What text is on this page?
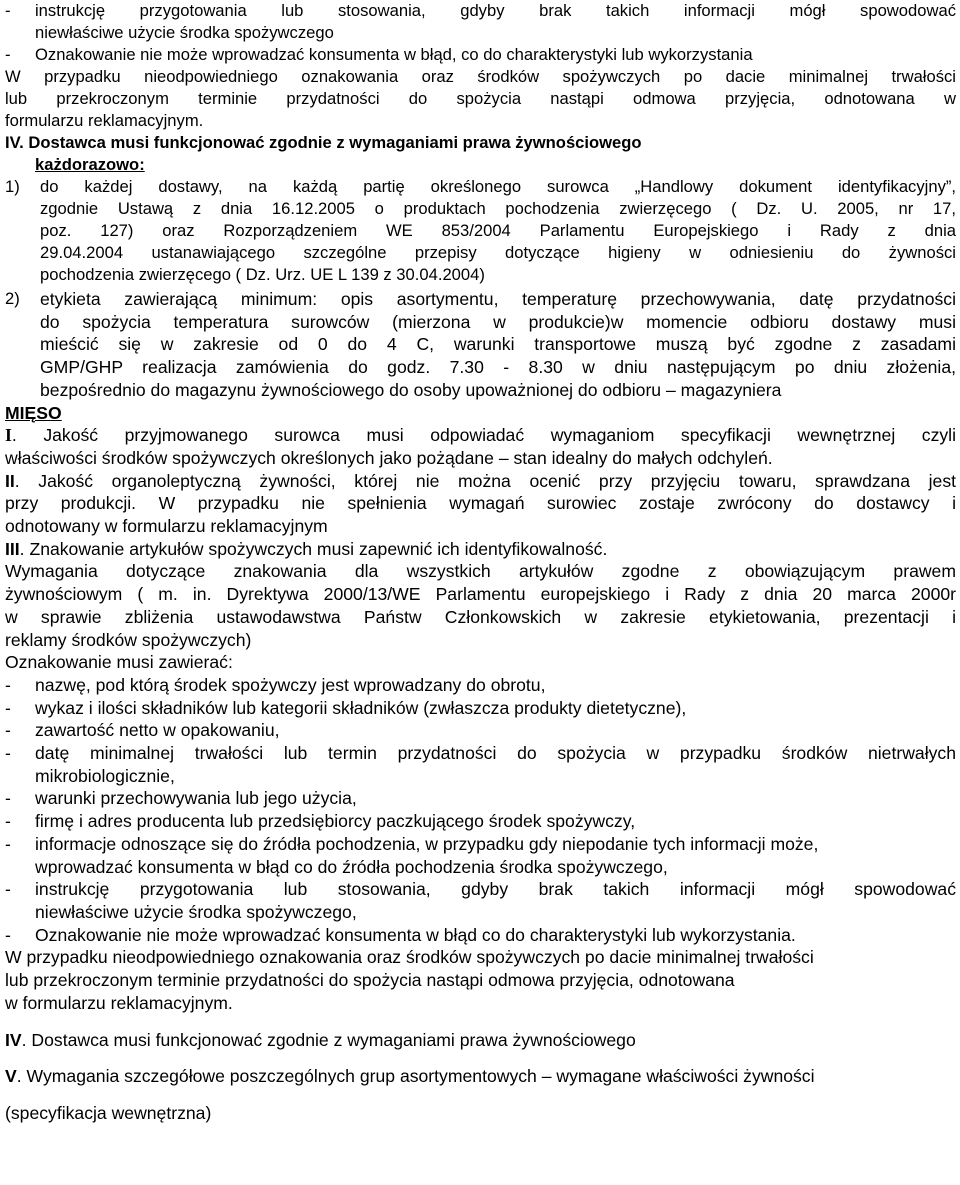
-	instrukcję przygotowania lub stosowania, gdyby brak takich informacji mógł spowodować
niewłaściwe użycie środka spożywczego
-	Oznakowanie nie może wprowadzać konsumenta w błąd, co do charakterystyki lub wykorzystania
W przypadku nieodpowiedniego oznakowania oraz środków spożywczych po dacie minimalnej trwałości
lub przekroczonym terminie przydatności do spożycia nastąpi odmowa przyjęcia, odnotowana w
formularzu reklamacyjnym.
IV. Dostawca musi funkcjonować zgodnie z wymaganiami prawa żywnościowego
każdorazowo:
1)	do każdej dostawy, na każdą partię określonego surowca „Handlowy dokument identyfikacyjny”,
zgodnie Ustawą z dnia 16.12.2005 o produktach pochodzenia zwierzęcego ( Dz. U. 2005, nr 17,
poz. 127) oraz Rozporządzeniem WE 853/2004 Parlamentu Europejskiego i Rady z dnia
29.04.2004 ustanawiającego szczególne przepisy dotyczące higieny w odniesieniu do żywności
pochodzenia zwierzęcego ( Dz. Urz. UE L 139 z 30.04.2004)
2)	etykieta zawierającą minimum: opis asortymentu, temperaturę przechowywania, datę przydatności
do spożycia temperatura surowców (mierzona w produkcie)w momencie odbioru dostawy musi
mieścić się w zakresie od 0 do 4 C, warunki transportowe muszą być zgodne z zasadami
GMP/GHP realizacja zamówienia do godz. 7.30 - 8.30 w dniu następującym po dniu złożenia,
bezpośrednio do magazynu żywnościowego do osoby upoważnionej do odbioru – magazyniera
MIĘSO
I. Jakość przyjmowanego surowca musi odpowiadać wymaganiom specyfikacji wewnętrznej czyli
właściwości środków spożywczych określonych jako pożądane – stan idealny do małych odchyleń.
II. Jakość organoleptyczną żywności, której nie można ocenić przy przyjęciu towaru, sprawdzana jest
przy produkcji. W przypadku nie spełnienia wymagań surowiec zostaje zwrócony do dostawcy i
odnotowany w formularzu reklamacyjnym
III. Znakowanie artykułów spożywczych musi zapewnić ich identyfikowalność.
Wymagania dotyczące znakowania dla wszystkich artykułów zgodne z obowiązującym prawem
żywnościowym ( m. in. Dyrektywa 2000/13/WE Parlamentu europejskiego i Rady z dnia 20 marca 2000r
w sprawie zbliżenia ustawodawstwa Państw Członkowskich w zakresie etykietowania, prezentacji i
reklamy środków spożywczych)
Oznakowanie musi zawierać:
-	nazwę, pod którą środek spożywczy jest wprowadzany do obrotu,
-	wykaz i ilości składników lub kategorii składników (zwłaszcza produkty dietetyczne),
-	zawartość netto w opakowaniu,
-	datę minimalnej trwałości lub termin przydatności do spożycia w przypadku środków nietrwałych
mikrobiologicznie,
-	warunki przechowywania lub jego użycia,
-	firmę i adres producenta lub przedsiębiorcy paczkującego środek spożywczy,
-	informacje odnoszące się do źródła pochodzenia, w przypadku gdy niepodanie tych informacji może,
wprowadzać konsumenta w błąd co do źródła pochodzenia środka spożywczego,
-	instrukcję przygotowania lub stosowania, gdyby brak takich informacji mógł spowodować
niewłaściwe użycie środka spożywczego,
-	Oznakowanie nie może wprowadzać konsumenta w błąd co do charakterystyki lub wykorzystania.
W przypadku nieodpowiedniego oznakowania oraz środków spożywczych po dacie minimalnej trwałości
lub przekroczonym terminie przydatności do spożycia nastąpi odmowa przyjęcia, odnotowana
w formularzu reklamacyjnym.
IV. Dostawca musi funkcjonować zgodnie z wymaganiami prawa żywnościowego
V. Wymagania szczegółowe poszczególnych grup asortymentowych – wymagane właściwości żywności
(specyfikacja wewnętrzna)
